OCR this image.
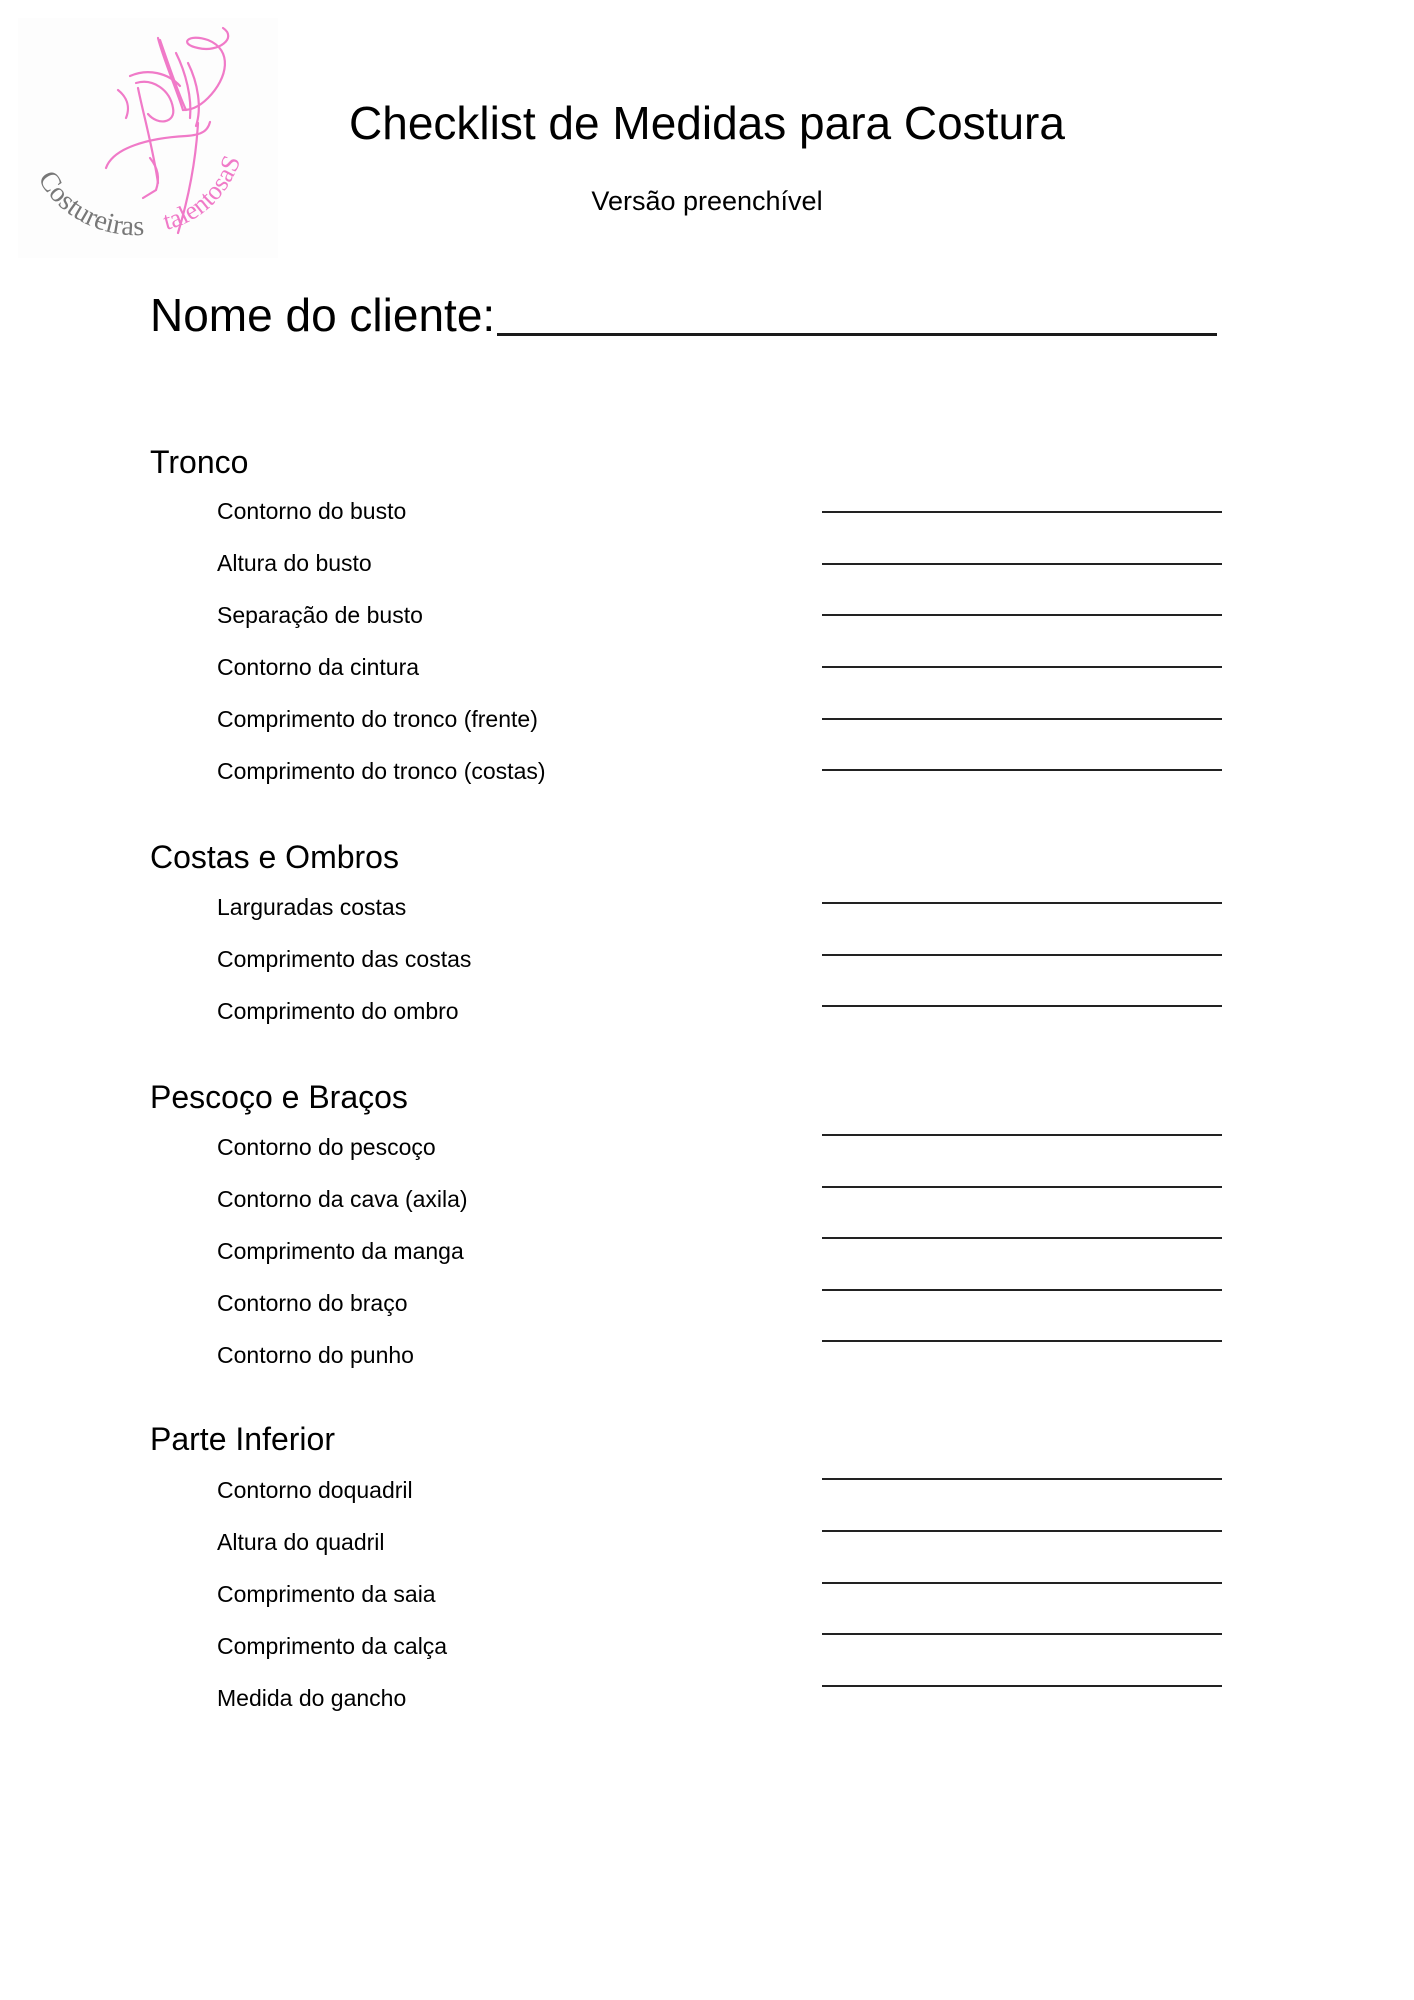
Costureiras talentosaS
Checklist de Medidas para Costura
Versão preenchível
Nome do cliente:
Tronco
Contorno do busto
Altura do busto
Separação de busto
Contorno da cintura
Comprimento do tronco (frente)
Comprimento do tronco (costas)
Costas e Ombros
Larguradas costas
Comprimento das costas
Comprimento do ombro
Pescoço e Braços
Contorno do pescoço
Contorno da cava (axila)
Comprimento da manga
Contorno do braço
Contorno do punho
Parte Inferior
Contorno doquadril
Altura do quadril
Comprimento da saia
Comprimento da calça
Medida do gancho
